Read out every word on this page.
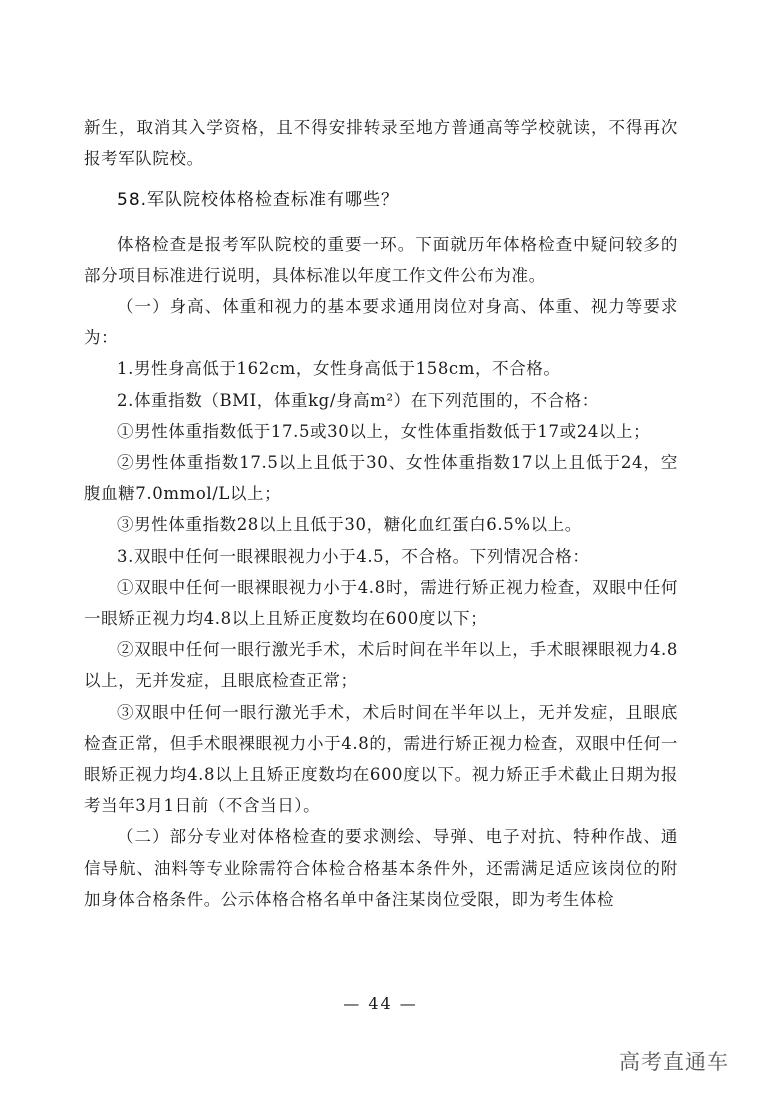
新生，取消其入学资格，且不得安排转录至地方普通高等学校就读，不得再次报考军队院校。

58.军队院校体格检查标准有哪些？

体格检查是报考军队院校的重要一环。下面就历年体格检查中疑问较多的部分项目标准进行说明，具体标准以年度工作文件公布为准。

（一）身高、体重和视力的基本要求通用岗位对身高、体重、视力等要求为：

1.男性身高低于162cm，女性身高低于158cm，不合格。

2.体重指数（BMI，体重kg/身高m²）在下列范围的，不合格：

①男性体重指数低于17.5或30以上，女性体重指数低于17或24以上；

②男性体重指数17.5以上且低于30、女性体重指数17以上且低于24，空腹血糖7.0mmol/L以上；

③男性体重指数28以上且低于30，糖化血红蛋白6.5%以上。

3.双眼中任何一眼裸眼视力小于4.5，不合格。下列情况合格：

①双眼中任何一眼裸眼视力小于4.8时，需进行矫正视力检查，双眼中任何一眼矫正视力均4.8以上且矫正度数均在600度以下；

②双眼中任何一眼行激光手术，术后时间在半年以上，手术眼裸眼视力4.8以上，无并发症，且眼底检查正常；

③双眼中任何一眼行激光手术，术后时间在半年以上，无并发症，且眼底检查正常，但手术眼裸眼视力小于4.8的，需进行矫正视力检查，双眼中任何一眼矫正视力均4.8以上且矫正度数均在600度以下。视力矫正手术截止日期为报考当年3月1日前（不含当日）。

（二）部分专业对体格检查的要求测绘、导弹、电子对抗、特种作战、通信导航、油料等专业除需符合体检合格基本条件外，还需满足适应该岗位的附加身体合格条件。公示体格合格名单中备注某岗位受限，即为考生体检

— 44 —
高考直通车
